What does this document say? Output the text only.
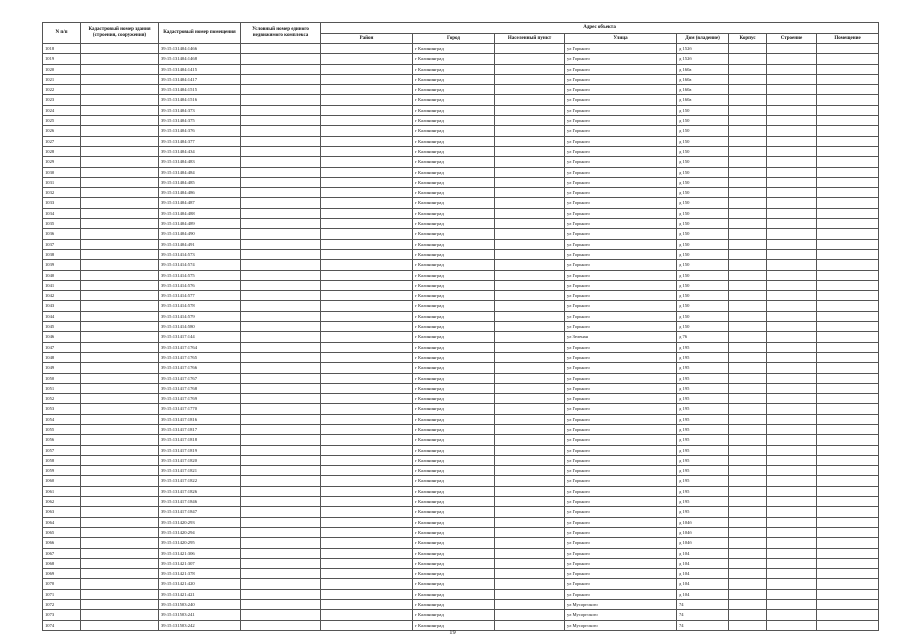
N п/п	Кадастровый номер здания (строения, сооружения)	Кадастровый номер помещения	Условный номер единого недвижимого комплекса	Адрес объекта							
				Район	Город	Населенный пункт	Улица	Дом (владение)	Корпус	Строение	Помещение
1018		39:15:131404:1466			г Калининград		ул Горького	д 152б			
1019		39:15:131404:1468			г Калининград		ул Горького	д 152б			
1020		39:15:131404:1415			г Калининград		ул Горького	д 160а			
1021		39:15:131404:1417			г Калининград		ул Горького	д 160а			
1022		39:15:131404:1515			г Калининград		ул Горького	д 160а			
1023		39:15:131404:1516			г Калининград		ул Горького	д 160а			
1024		39:15:131404:373			г Калининград		ул Горького	д 150			
1025		39:15:131404:375			г Калининград		ул Горького	д 150			
1026		39:15:131404:376			г Калининград		ул Горького	д 150			
1027		39:15:131404:377			г Калининград		ул Горького	д 150			
1028		39:15:131404:434			г Калининград		ул Горького	д 150			
1029		39:15:131404:483			г Калининград		ул Горького	д 150			
1030		39:15:131404:484			г Калининград		ул Горького	д 150			
1031		39:15:131404:485			г Калининград		ул Горького	д 150			
1032		39:15:131404:486			г Калининград		ул Горького	д 150			
1033		39:15:131404:487			г Калининград		ул Горького	д 150			
1034		39:15:131404:488			г Калининград		ул Горького	д 150			
1035		39:15:131404:489			г Калининград		ул Горького	д 150			
1036		39:15:131404:490			г Калининград		ул Горького	д 150			
1037		39:15:131404:491			г Калининград		ул Горького	д 150			
1038		39:15:131414:573			г Калининград		ул Горького	д 150			
1039		39:15:131414:574			г Калининград		ул Горького	д 150			
1040		39:15:131414:575			г Калининград		ул Горького	д 150			
1041		39:15:131414:576			г Калининград		ул Горького	д 150			
1042		39:15:131414:577			г Калининград		ул Горького	д 150			
1043		39:15:131414:578			г Калининград		ул Горького	д 150			
1044		39:15:131414:579			г Калининград		ул Горького	д 150			
1045		39:15:131414:580			г Калининград		ул Горького	д 150			
1046		39:15:131417:144			г Калининград		ул Зеленая	д 76			
1047		39:15:131417:1764			г Калининград		ул Горького	д 195			
1048		39:15:131417:1765			г Калининград		ул Горького	д 195			
1049		39:15:131417:1766			г Калининград		ул Горького	д 195			
1050		39:15:131417:1767			г Калининград		ул Горького	д 195			
1051		39:15:131417:1768			г Калининград		ул Горького	д 195			
1052		39:15:131417:1769			г Калининград		ул Горького	д 195			
1053		39:15:131417:1770			г Калининград		ул Горького	д 195			
1054		39:15:131417:1816			г Калининград		ул Горького	д 195			
1055		39:15:131417:1817			г Калининград		ул Горького	д 195			
1056		39:15:131417:1818			г Калининград		ул Горького	д 195			
1057		39:15:131417:1819			г Калининград		ул Горького	д 195			
1058		39:15:131417:1820			г Калининград		ул Горького	д 195			
1059		39:15:131417:1821			г Калининград		ул Горького	д 195			
1060		39:15:131417:1822			г Калининград		ул Горького	д 195			
1061		39:15:131417:1826			г Калининград		ул Горького	д 195			
1062		39:15:131417:1846			г Калининград		ул Горького	д 195			
1063		39:15:131417:1847			г Калининград		ул Горького	д 195			
1064		39:15:131420:293			г Калининград		ул Горького	д 104б			
1065		39:15:131420:294			г Калининград		ул Горького	д 104б			
1066		39:15:131420:295			г Калининград		ул Горького	д 104б			
1067		39:15:131421:306			г Калининград		ул Горького	д 104			
1068		39:15:131421:307			г Калининград		ул Горького	д 104			
1069		39:15:131421:378			г Калининград		ул Горького	д 104			
1070		39:15:131421:420			г Калининград		ул Горького	д 104			
1071		39:15:131421:421			г Калининград		ул Горького	д 104			
1072		39:15:131503:240			г Калининград		ул Мусоргского	74			
1073		39:15:131503:241			г Калининград		ул Мусоргского	74			
1074		39:15:131503:242			г Калининград		ул Мусоргского	74			
19
